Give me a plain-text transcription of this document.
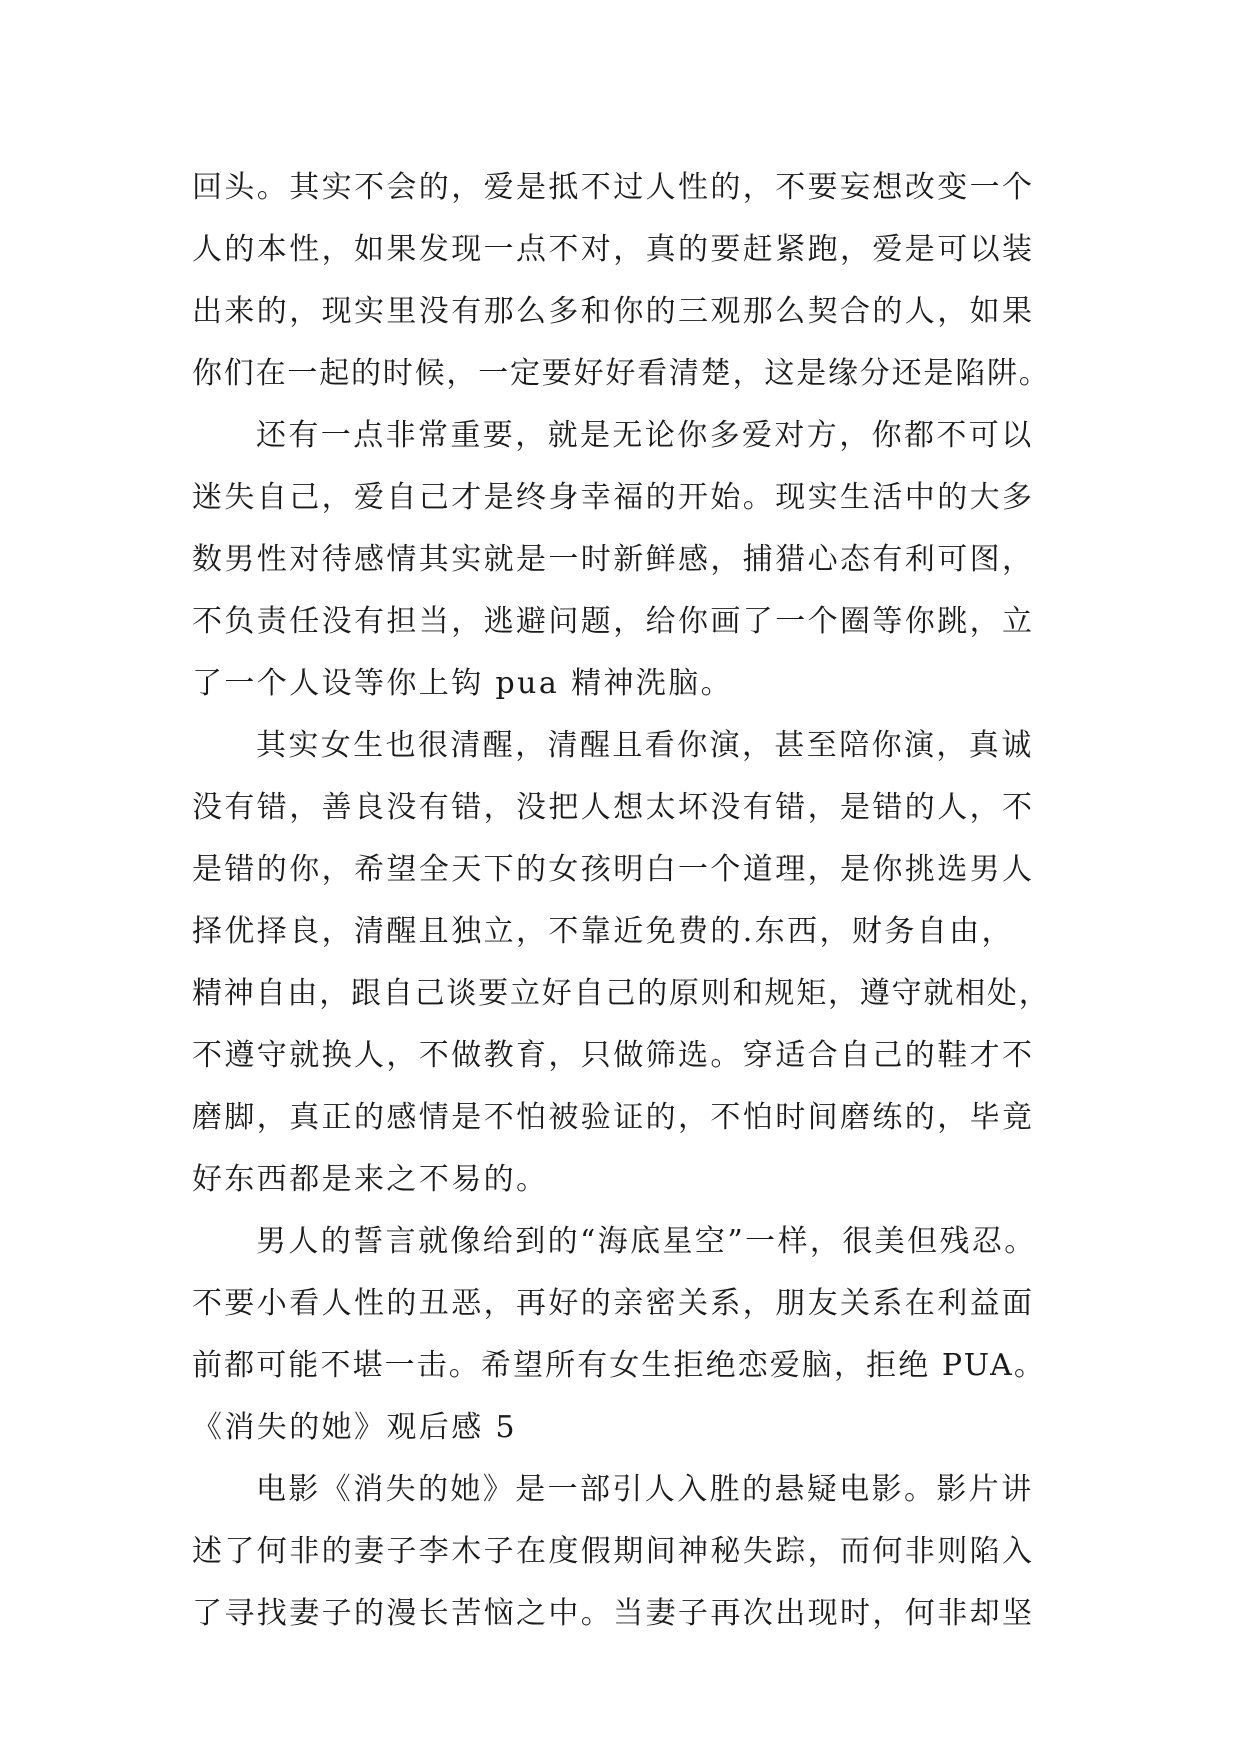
回头。其实不会的，爱是抵不过人性的，不要妄想改变一个
人的本性，如果发现一点不对，真的要赶紧跑，爱是可以装
出来的，现实里没有那么多和你的三观那么契合的人，如果
你们在一起的时候，一定要好好看清楚，这是缘分还是陷阱。
还有一点非常重要，就是无论你多爱对方，你都不可以
迷失自己，爱自己才是终身幸福的开始。现实生活中的大多
数男性对待感情其实就是一时新鲜感，捕猎心态有利可图，
不负责任没有担当，逃避问题，给你画了一个圈等你跳，立
了一个人设等你上钩 pua 精神洗脑。
其实女生也很清醒，清醒且看你演，甚至陪你演，真诚
没有错，善良没有错，没把人想太坏没有错，是错的人，不
是错的你，希望全天下的女孩明白一个道理，是你挑选男人
择优择良，清醒且独立，不靠近免费的.东西，财务自由，
精神自由，跟自己谈要立好自己的原则和规矩，遵守就相处，
不遵守就换人，不做教育，只做筛选。穿适合自己的鞋才不
磨脚，真正的感情是不怕被验证的，不怕时间磨练的，毕竟
好东西都是来之不易的。
男人的誓言就像给到的“海底星空”一样，很美但残忍。
不要小看人性的丑恶，再好的亲密关系，朋友关系在利益面
前都可能不堪一击。希望所有女生拒绝恋爱脑，拒绝 PUA。
《消失的她》观后感 5
电影《消失的她》是一部引人入胜的悬疑电影。影片讲
述了何非的妻子李木子在度假期间神秘失踪，而何非则陷入
了寻找妻子的漫长苦恼之中。当妻子再次出现时，何非却坚
